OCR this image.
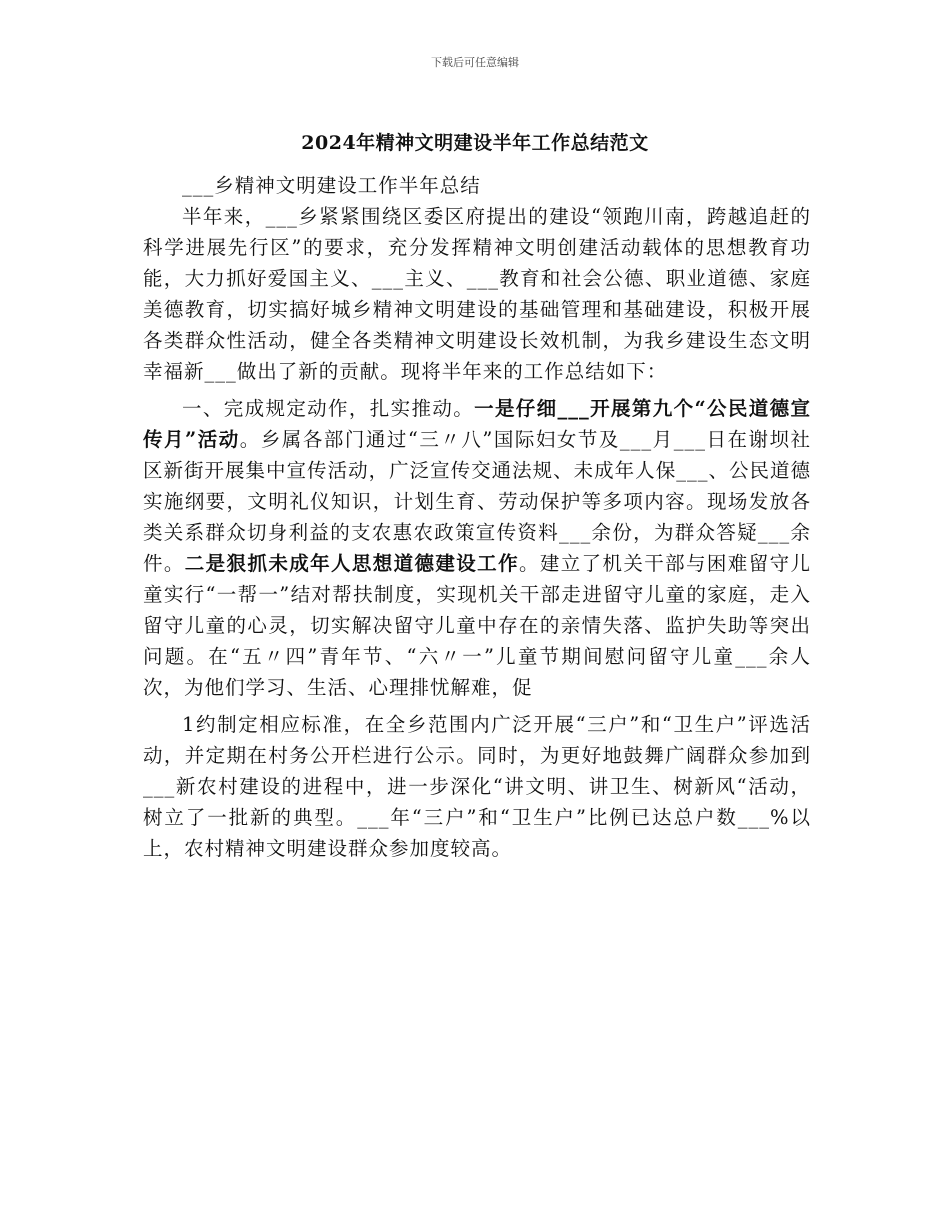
下载后可任意编辑
2024年精神文明建设半年工作总结范文

___乡精神文明建设工作半年总结

半年来，___乡紧紧围绕区委区府提出的建设“领跑川南，跨越追赶的科学进展先行区”的要求，充分发挥精神文明创建活动载体的思想教育功能，大力抓好爱国主义、___主义、___教育和社会公德、职业道德、家庭美德教育，切实搞好城乡精神文明建设的基础管理和基础建设，积极开展各类群众性活动，健全各类精神文明建设长效机制，为我乡建设生态文明幸福新___做出了新的贡献。现将半年来的工作总结如下：

一、完成规定动作，扎实推动。一是仔细___开展第九个“公民道德宣传月”活动。乡属各部门通过“三〃八”国际妇女节及___月___日在谢坝社区新街开展集中宣传活动，广泛宣传交通法规、未成年人保___、公民道德实施纲要，文明礼仪知识，计划生育、劳动保护等多项内容。现场发放各类关系群众切身利益的支农惠农政策宣传资料___余份，为群众答疑___余件。二是狠抓未成年人思想道德建设工作。建立了机关干部与困难留守儿童实行“一帮一”结对帮扶制度，实现机关干部走进留守儿童的家庭，走入留守儿童的心灵，切实解决留守儿童中存在的亲情失落、监护失助等突出问题。在“五〃四”青年节、“六〃一”儿童节期间慰问留守儿童___余人次，为他们学习、生活、心理排忧解难，促

1约制定相应标准，在全乡范围内广泛开展“三户”和“卫生户”评选活动，并定期在村务公开栏进行公示。同时，为更好地鼓舞广阔群众参加到___新农村建设的进程中，进一步深化“讲文明、讲卫生、树新风“活动，树立了一批新的典型。___年“三户”和“卫生户”比例已达总户数___%以上，农村精神文明建设群众参加度较高。
